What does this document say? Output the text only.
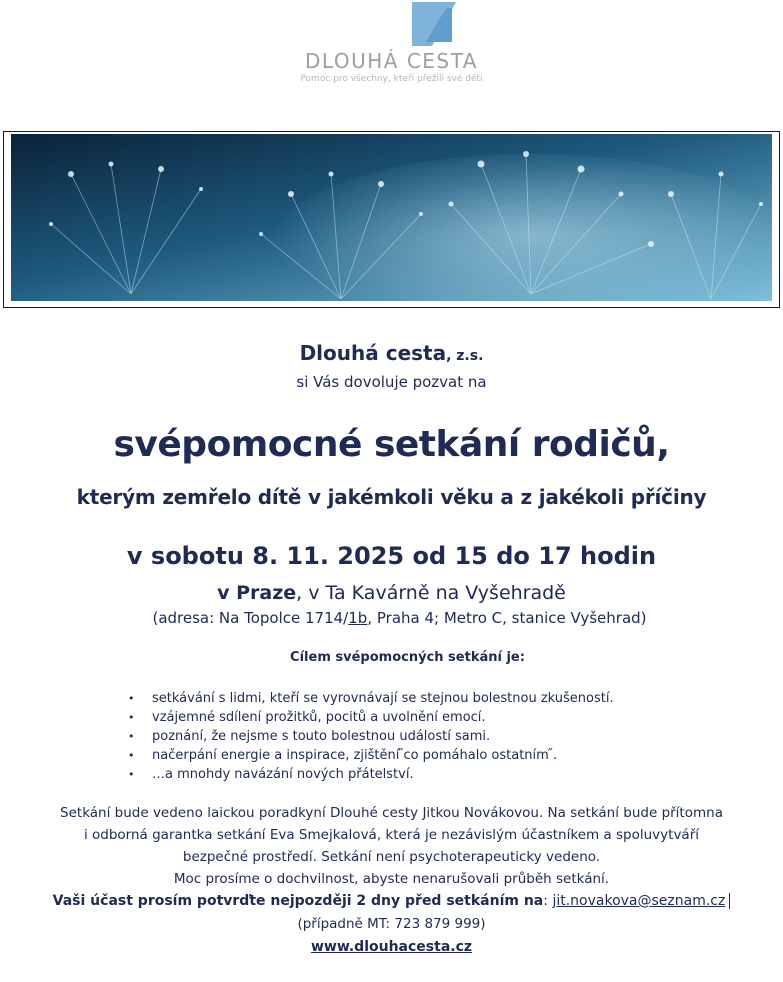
DLOUHÁ CESTA
Pomoc pro všechny, kteří přežili své děti
Dlouhá cesta, z.s.
si Vás dovoluje pozvat na
svépomocné setkání rodičů,
kterým zemřelo dítě v jakémkoli věku a z jakékoli příčiny
v sobotu 8. 11. 2025 od 15 do 17 hodin
v Praze, v Ta Kavárně na Vyšehradě
(adresa: Na Topolce 1714/1b, Praha 4; Metro C, stanice Vyšehrad)
Cílem svépomocných setkání je:
• setkávání s lidmi, kteří se vyrovnávají se stejnou bolestnou zkušeností.
• vzájemné sdílení prožitků, pocitů a uvolnění emocí.
• poznání, že nejsme s touto bolestnou událostí sami.
• načerpání energie a inspirace, zjištění ̋co pomáhalo ostatním ̋.
• …a mnohdy navázání nových přátelství.
Setkání bude vedeno laickou poradkyní Dlouhé cesty Jitkou Novákovou. Na setkání bude přítomna
i odborná garantka setkání Eva Smejkalová, která je nezávislým účastníkem a spoluvytváří
bezpečné prostředí. Setkání není psychoterapeuticky vedeno.
Moc prosíme o dochvilnost, abyste nenarušovali průběh setkání.
Vaši účast prosím potvrďte nejpozději 2 dny před setkáním na: jit.novakova@seznam.cz
(případně MT: 723 879 999)
www.dlouhacesta.cz
